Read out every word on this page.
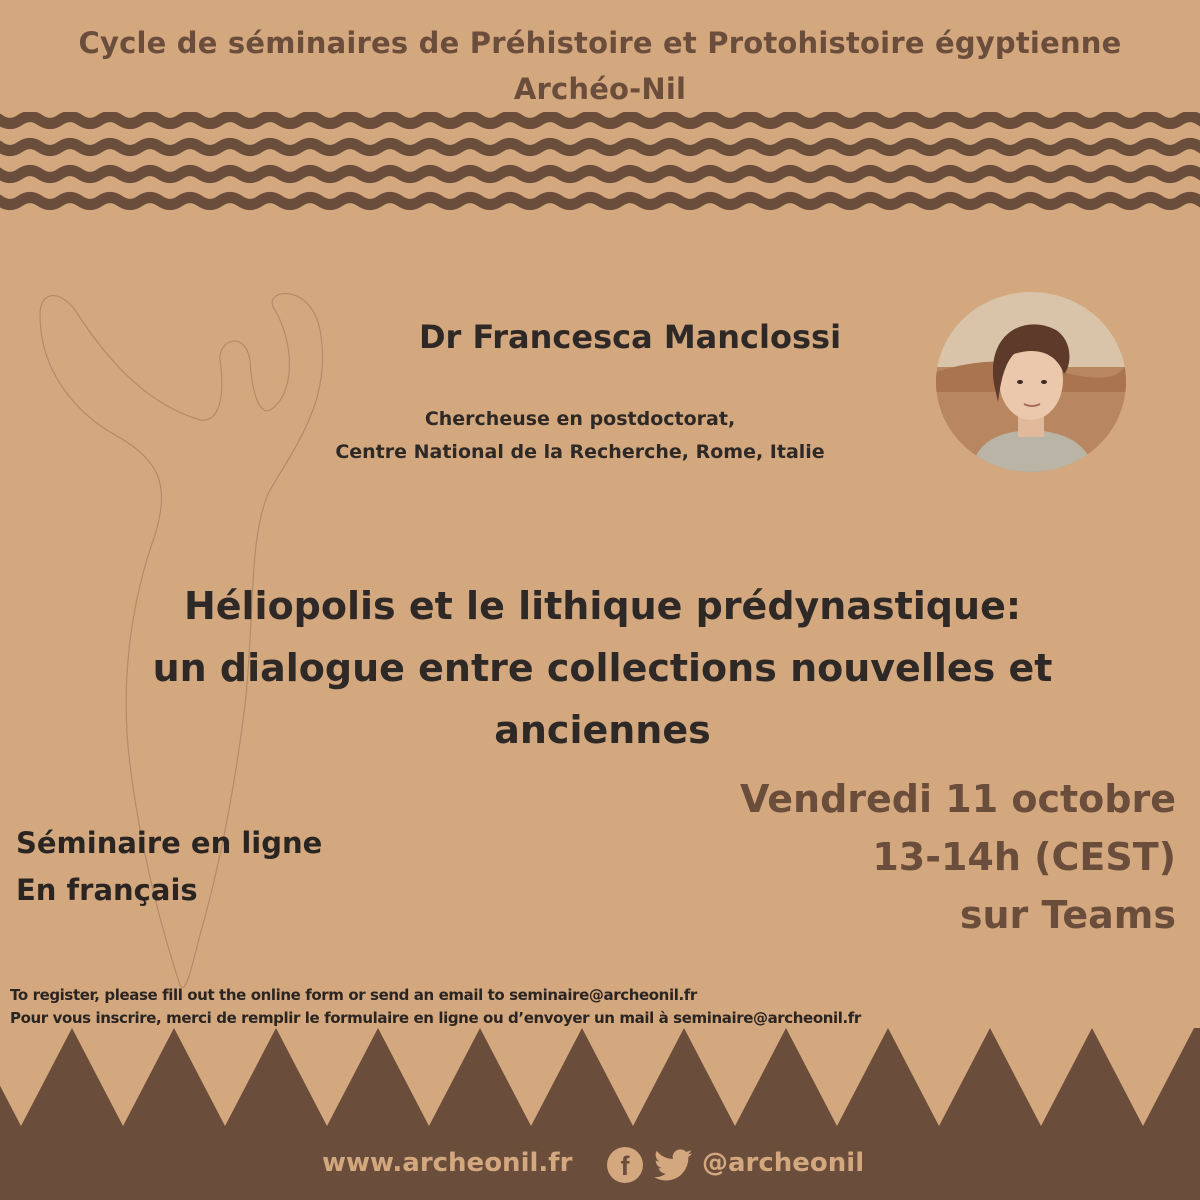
Cycle de séminaires de Préhistoire et Protohistoire égyptienne
Archéo-Nil
Dr Francesca Manclossi
Chercheuse en postdoctorat,
Centre National de la Recherche, Rome, Italie
Héliopolis et le lithique prédynastique:
un dialogue entre collections nouvelles et
anciennes
Vendredi 11 octobre
13-14h (CEST)
sur Teams
Séminaire en ligne
En français
To register, please fill out the online form or send an email to seminaire@archeonil.fr
Pour vous inscrire, merci de remplir le formulaire en ligne ou d’envoyer un mail à seminaire@archeonil.fr
www.archeonil.fr	f	@archeonil
